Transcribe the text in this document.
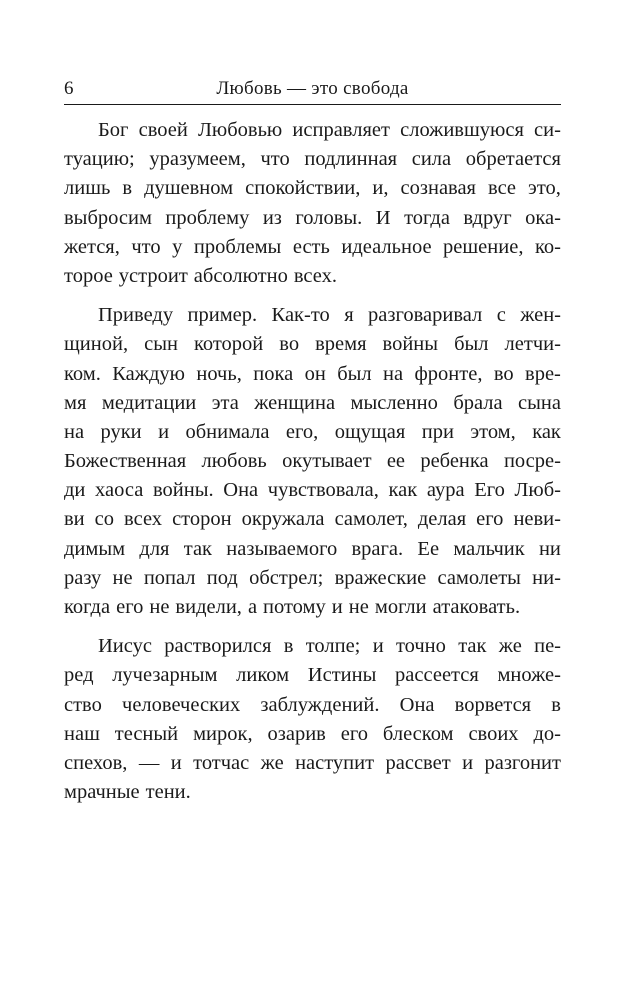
6	Любовь — это свобода
Бог своей Любовью исправляет сложившуюся си-
туацию; уразумеем, что подлинная сила обретается
лишь в душевном спокойствии, и, сознавая все это,
выбросим проблему из головы. И тогда вдруг ока-
жется, что у проблемы есть идеальное решение, ко-
торое устроит абсолютно всех.
Приведу пример. Как-то я разговаривал с жен-
щиной, сын которой во время войны был летчи-
ком. Каждую ночь, пока он был на фронте, во вре-
мя медитации эта женщина мысленно брала сына
на руки и обнимала его, ощущая при этом, как
Божественная любовь окутывает ее ребенка посре-
ди хаоса войны. Она чувствовала, как аура Его Люб-
ви со всех сторон окружала самолет, делая его неви-
димым для так называемого врага. Ее мальчик ни
разу не попал под обстрел; вражеские самолеты ни-
когда его не видели, а потому и не могли атаковать.
Иисус растворился в толпе; и точно так же пе-
ред лучезарным ликом Истины рассеется множе-
ство человеческих заблуждений. Она ворвется в
наш тесный мирок, озарив его блеском своих до-
спехов, — и тотчас же наступит рассвет и разгонит
мрачные тени.
